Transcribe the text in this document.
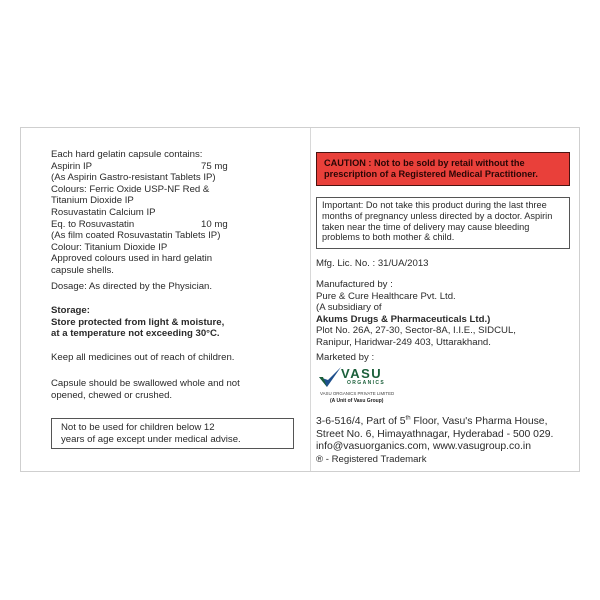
Each hard gelatin capsule contains:
Aspirin IP	75 mg
(As Aspirin Gastro-resistant Tablets IP)
Colours: Ferric Oxide USP-NF Red &
Titanium Dioxide IP
Rosuvastatin Calcium IP
Eq. to Rosuvastatin	10 mg
(As film coated Rosuvastatin Tablets IP)
Colour: Titanium Dioxide IP
Approved colours used in hard gelatin
capsule shells.
Dosage: As directed by the Physician.
Storage:
Store protected from light & moisture,
at a temperature not exceeding 30°C.
Keep all medicines out of reach of children.
Capsule should be swallowed whole and not
opened, chewed or crushed.
Not to be used for children below 12
years of age except under medical advise.
CAUTION : Not to be sold by retail without the
prescription of a Registered Medical Practitioner.
Important: Do not take this product during the last three
months of pregnancy unless directed by a doctor. Aspirin
taken near the time of delivery may cause bleeding
problems to both mother & child.
Mfg. Lic. No. : 31/UA/2013
Manufactured by :
Pure & Cure Healthcare Pvt. Ltd.
(A subsidiary of
Akums Drugs & Pharmaceuticals Ltd.)
Plot No. 26A, 27-30, Sector-8A, I.I.E., SIDCUL,
Ranipur, Haridwar-249 403, Uttarakhand.
Marketed by :
VASU
ORGANICS
VASU ORGANICS PRIVATE LIMITED
(A Unit of Vasu Group)
3-6-516/4, Part of 5th Floor, Vasu's Pharma House,
Street No. 6, Himayathnagar, Hyderabad - 500 029.
info@vasuorganics.com, www.vasugroup.co.in
® - Registered Trademark
